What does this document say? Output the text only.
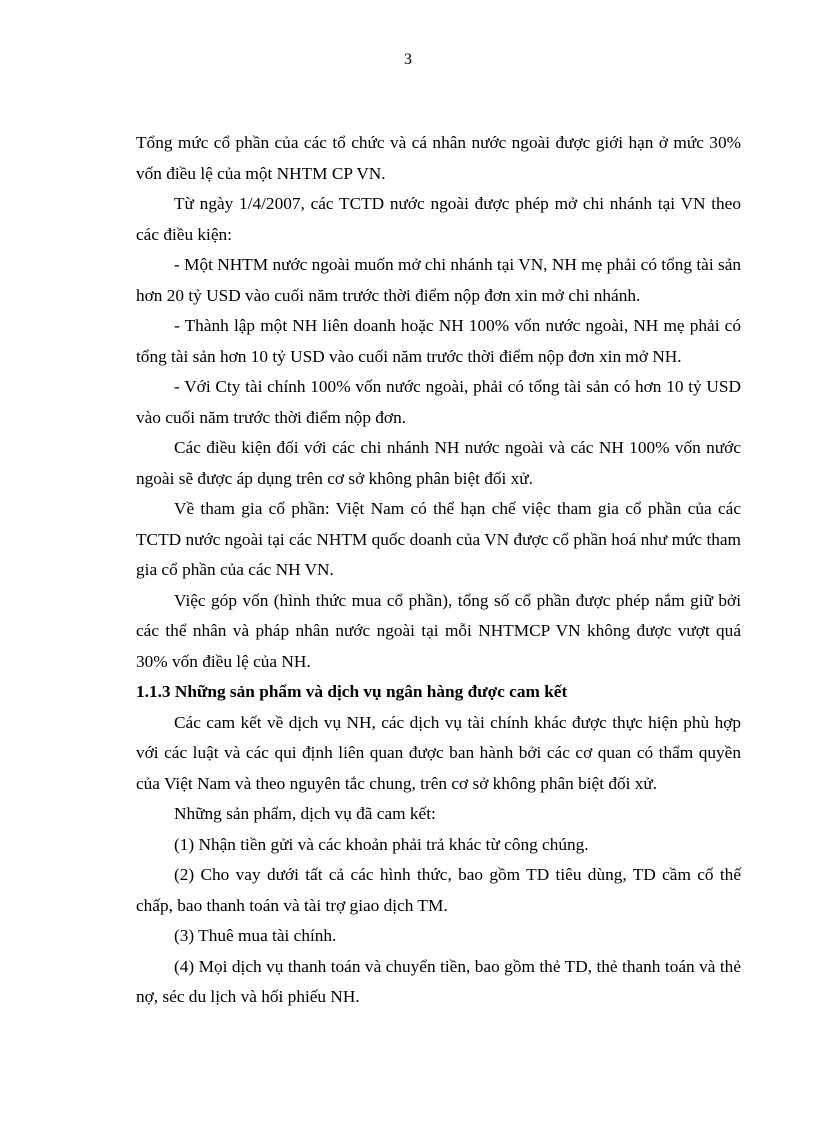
3

Tổng mức cổ phần của các tổ chức và cá nhân nước ngoài được giới hạn ở mức 30% vốn điều lệ của một NHTM CP VN.

Từ ngày 1/4/2007, các TCTD nước ngoài được phép mở chi nhánh tại VN theo các điều kiện:

- Một NHTM nước ngoài muốn mở chi nhánh tại VN, NH mẹ phải có tổng tài sản hơn 20 tỷ USD vào cuối năm trước thời điểm nộp đơn xin mở chi nhánh.

- Thành lập một NH liên doanh hoặc NH 100% vốn nước ngoài, NH mẹ phải có tổng tài sản hơn 10 tỷ USD vào cuối năm trước thời điểm nộp đơn xin mở NH.

- Với Cty tài chính 100% vốn nước ngoài, phải có tổng tài sản có hơn 10 tỷ USD vào cuối năm trước thời điểm nộp đơn.

Các điều kiện đối với các chi nhánh NH nước ngoài và các NH 100% vốn nước ngoài sẽ được áp dụng trên cơ sở không phân biệt đối xử.

Về tham gia cổ phần: Việt Nam có thể hạn chế việc tham gia cổ phần của các TCTD nước ngoài tại các NHTM quốc doanh của VN được cổ phần hoá như mức tham gia cổ phần của các NH VN.

Việc góp vốn (hình thức mua cổ phần), tổng số cổ phần được phép nắm giữ bởi các thể nhân và pháp nhân nước ngoài tại mỗi NHTMCP VN không được vượt quá 30% vốn điều lệ của NH.

1.1.3 Những sản phẩm và dịch vụ ngân hàng được cam kết

Các cam kết về dịch vụ NH, các dịch vụ tài chính khác được thực hiện phù hợp với các luật và các qui định liên quan được ban hành bởi các cơ quan có thẩm quyền của Việt Nam và theo nguyên tắc chung, trên cơ sở không phân biệt đối xử.

Những sản phẩm, dịch vụ đã cam kết:

(1) Nhận tiền gửi và các khoản phải trả khác từ công chúng.

(2) Cho vay dưới tất cả các hình thức, bao gồm TD tiêu dùng, TD cầm cố thế chấp, bao thanh toán và tài trợ giao dịch TM.

(3) Thuê mua tài chính.

(4) Mọi dịch vụ thanh toán và chuyển tiền, bao gồm thẻ TD, thẻ thanh toán và thẻ nợ, séc du lịch và hối phiếu NH.
